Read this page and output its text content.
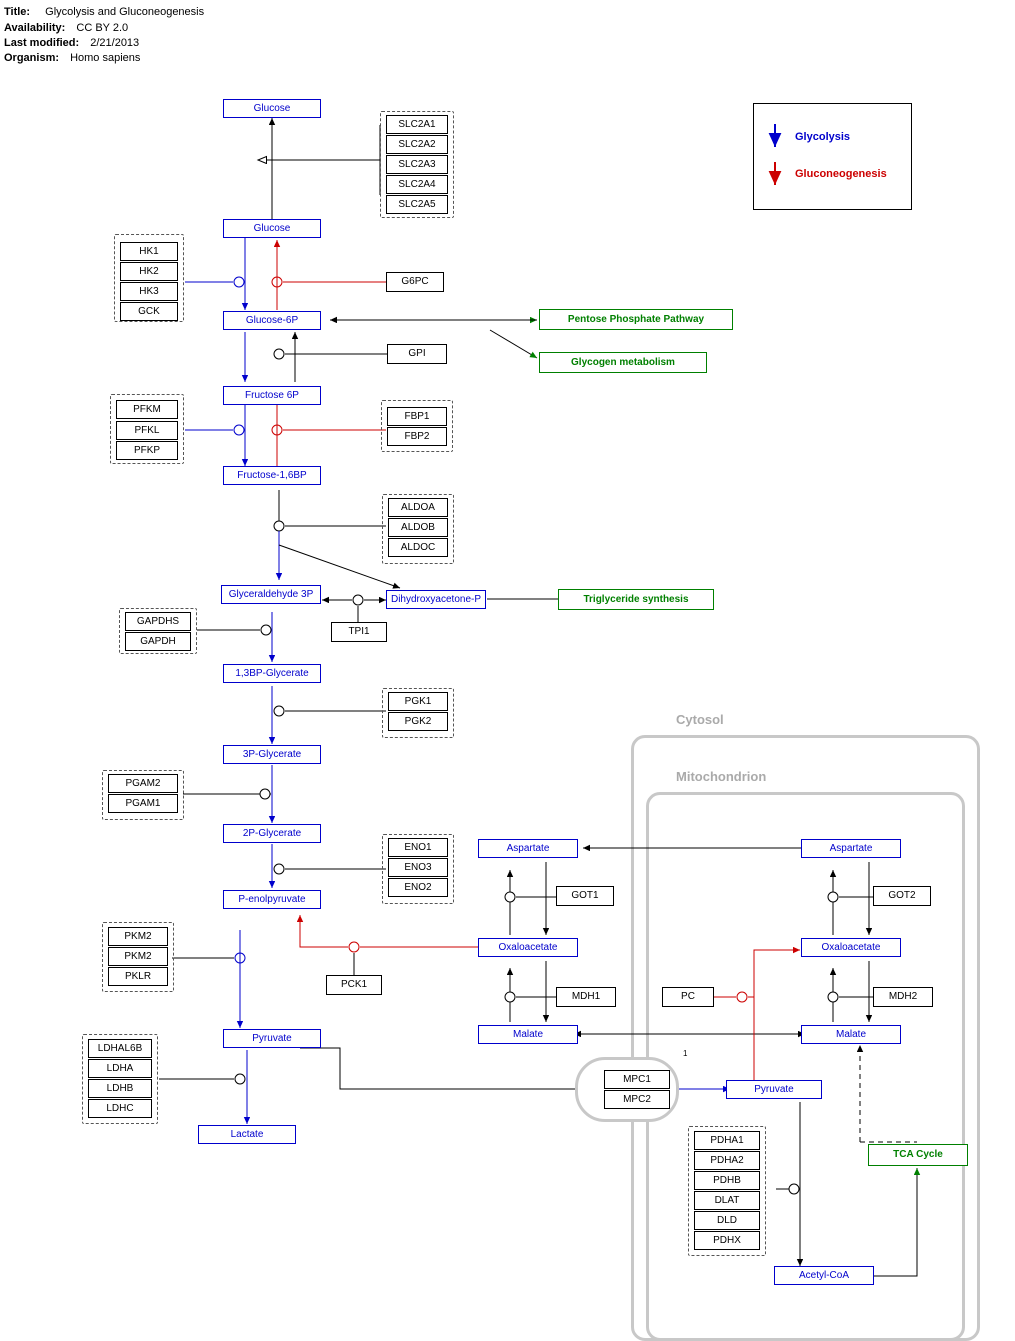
Title: Glycolysis and Gluconeogenesis
Availability: CC BY 2.0
Last modified: 2/21/2013
Organism: Homo sapiens
Cytosol
Mitochondrion
Glycolysis
Gluconeogenesis
1
SLC2A1
SLC2A2
SLC2A3
SLC2A4
SLC2A5
HK1
HK2
HK3
GCK
PFKM
PFKL
PFKP
FBP1
FBP2
ALDOA
ALDOB
ALDOC
GAPDHS
GAPDH
PGK1
PGK2
PGAM2
PGAM1
ENO1
ENO3
ENO2
PKM2
PKM2
PKLR
LDHAL6B
LDHA
LDHB
LDHC
PDHA1
PDHA2
PDHB
DLAT
DLD
PDHX
MPC1
MPC2
G6PC
GPI
TPI1
PCK1
GOT1	GOT2
MDH1	MDH2
PC
Glucose
Glucose
Glucose-6P
Fructose 6P
Fructose-1,6BP
Glyceraldehyde 3P	Dihydroxyacetone-P
1,3BP-Glycerate
3P-Glycerate
2P-Glycerate
P-enolpyruvate
Pyruvate
Lactate
Aspartate
Oxaloacetate
Malate
Aspartate
Oxaloacetate
Malate
Pyruvate
Acetyl-CoA
Pentose Phosphate Pathway
Glycogen metabolism
Triglyceride synthesis
TCA Cycle
